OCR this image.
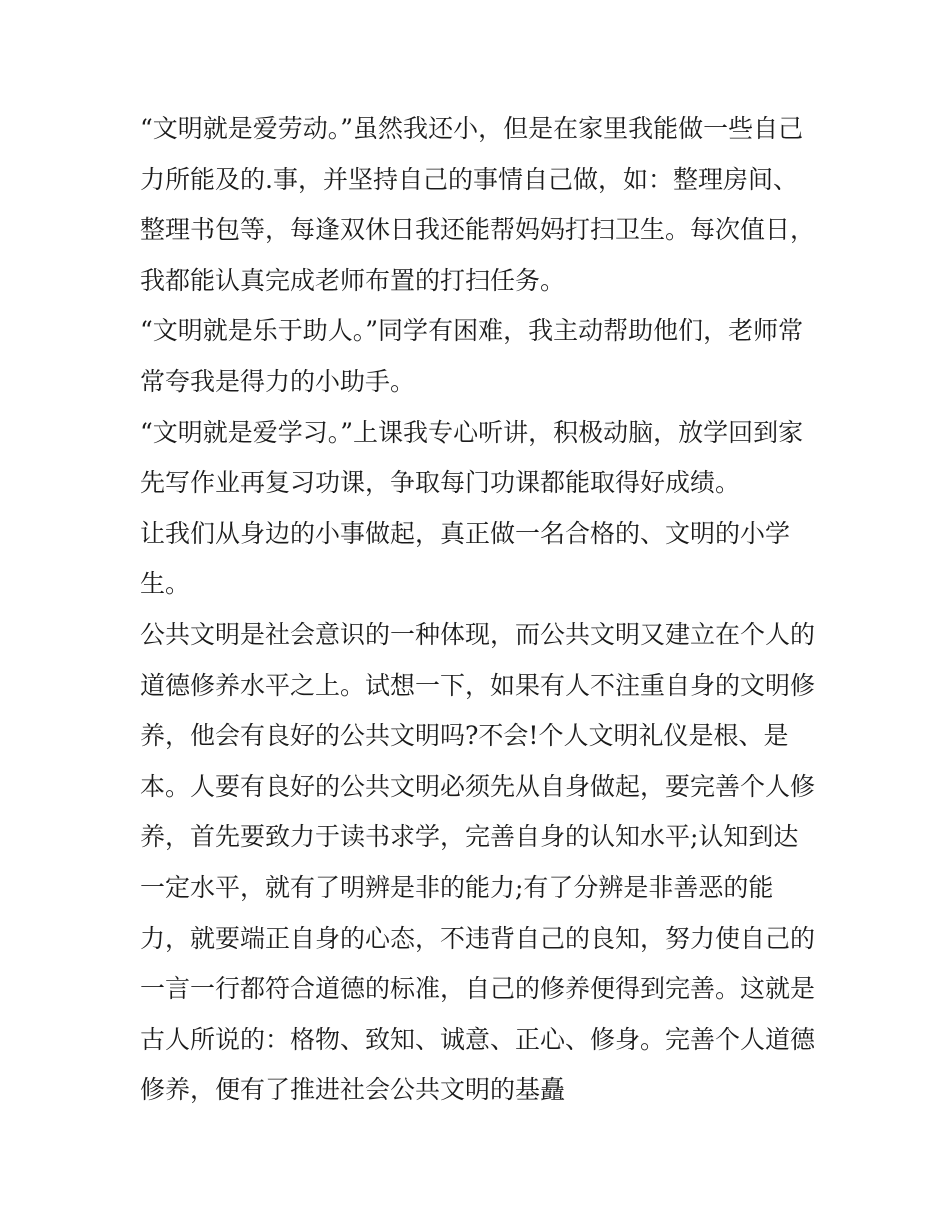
“文明就是爱劳动。”虽然我还小，但是在家里我能做一些自己
力所能及的.事，并坚持自己的事情自己做，如：整理房间、
整理书包等，每逢双休日我还能帮妈妈打扫卫生。每次值日，
我都能认真完成老师布置的打扫任务。
“文明就是乐于助人。”同学有困难，我主动帮助他们，老师常
常夸我是得力的小助手。
“文明就是爱学习。”上课我专心听讲，积极动脑，放学回到家
先写作业再复习功课，争取每门功课都能取得好成绩。
让我们从身边的小事做起，真正做一名合格的、文明的小学
生。
公共文明是社会意识的一种体现，而公共文明又建立在个人的
道德修养水平之上。试想一下，如果有人不注重自身的文明修
养，他会有良好的公共文明吗?不会!个人文明礼仪是根、是
本。人要有良好的公共文明必须先从自身做起，要完善个人修
养，首先要致力于读书求学，完善自身的认知水平;认知到达
一定水平，就有了明辨是非的能力;有了分辨是非善恶的能
力，就要端正自身的心态，不违背自己的良知，努力使自己的
一言一行都符合道德的标准，自己的修养便得到完善。这就是
古人所说的：格物、致知、诚意、正心、修身。完善个人道德
修养，便有了推进社会公共文明的基矗
